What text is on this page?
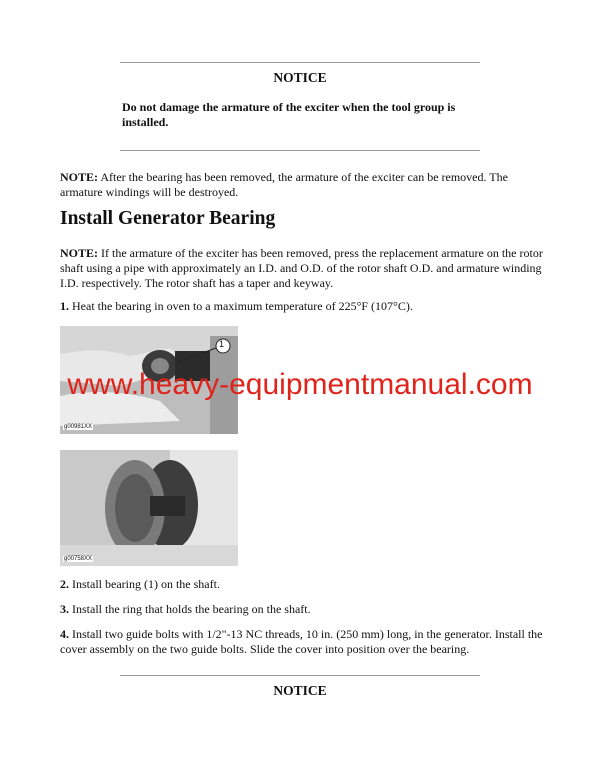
NOTICE
Do not damage the armature of the exciter when the tool group is installed.
NOTE: After the bearing has been removed, the armature of the exciter can be removed. The armature windings will be destroyed.
Install Generator Bearing
NOTE: If the armature of the exciter has been removed, press the replacement armature on the rotor shaft using a pipe with approximately an I.D. and O.D. of the rotor shaft O.D. and armature winding I.D. respectively. The rotor shaft has a taper and keyway.
1. Heat the bearing in oven to a maximum temperature of 225°F (107°C).
1
g00981XX
g00758XX
www.heavy-equipmentmanual.com
2. Install bearing (1) on the shaft.
3. Install the ring that holds the bearing on the shaft.
4. Install two guide bolts with 1/2"-13 NC threads, 10 in. (250 mm) long, in the generator. Install the cover assembly on the two guide bolts. Slide the cover into position over the bearing.
NOTICE
